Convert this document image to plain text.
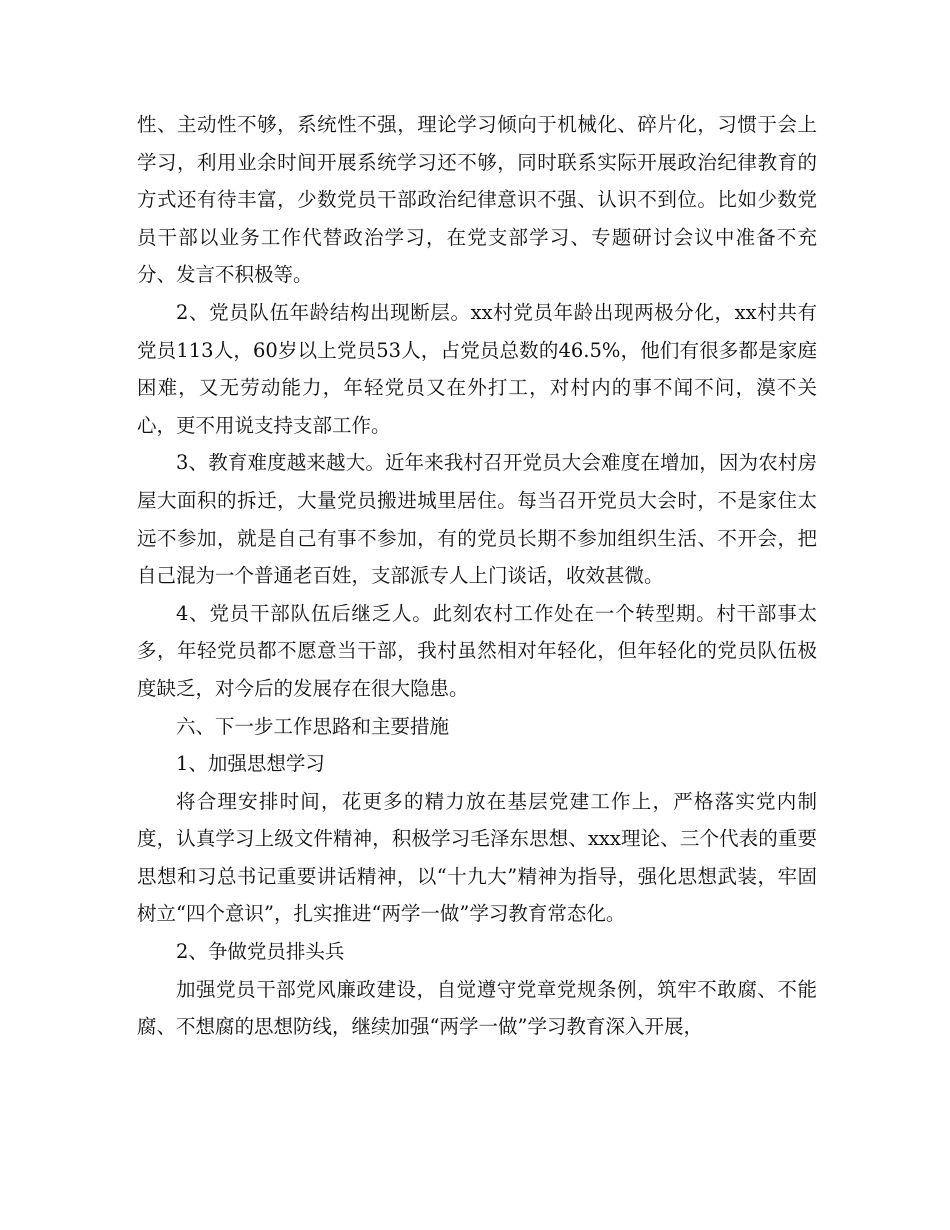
性、主动性不够，系统性不强，理论学习倾向于机械化、碎片化，习惯于会上学习，利用业余时间开展系统学习还不够，同时联系实际开展政治纪律教育的方式还有待丰富，少数党员干部政治纪律意识不强、认识不到位。比如少数党员干部以业务工作代替政治学习，在党支部学习、专题研讨会议中准备不充分、发言不积极等。

2、党员队伍年龄结构出现断层。xx村党员年龄出现两极分化，xx村共有党员113人，60岁以上党员53人，占党员总数的46.5%，他们有很多都是家庭困难，又无劳动能力，年轻党员又在外打工，对村内的事不闻不问，漠不关心，更不用说支持支部工作。

3、教育难度越来越大。近年来我村召开党员大会难度在增加，因为农村房屋大面积的拆迁，大量党员搬进城里居住。每当召开党员大会时，不是家住太远不参加，就是自己有事不参加，有的党员长期不参加组织生活、不开会，把自己混为一个普通老百姓，支部派专人上门谈话，收效甚微。

4、党员干部队伍后继乏人。此刻农村工作处在一个转型期。村干部事太多，年轻党员都不愿意当干部，我村虽然相对年轻化，但年轻化的党员队伍极度缺乏，对今后的发展存在很大隐患。

六、下一步工作思路和主要措施

1、加强思想学习

将合理安排时间，花更多的精力放在基层党建工作上，严格落实党内制度，认真学习上级文件精神，积极学习毛泽东思想、xxx理论、三个代表的重要思想和习总书记重要讲话精神，以“十九大”精神为指导，强化思想武装，牢固树立“四个意识”，扎实推进“两学一做”学习教育常态化。

2、争做党员排头兵

加强党员干部党风廉政建设，自觉遵守党章党规条例，筑牢不敢腐、不能腐、不想腐的思想防线，继续加强“两学一做”学习教育深入开展，
